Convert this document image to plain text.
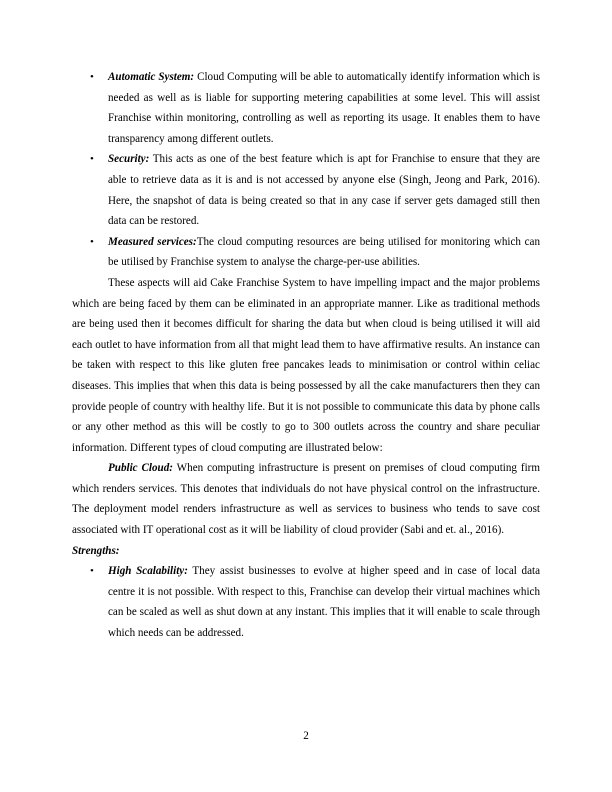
• Automatic System: Cloud Computing will be able to automatically identify information which is needed as well as is liable for supporting metering capabilities at some level. This will assist Franchise within monitoring, controlling as well as reporting its usage. It enables them to have transparency among different outlets.
• Security: This acts as one of the best feature which is apt for Franchise to ensure that they are able to retrieve data as it is and is not accessed by anyone else (Singh, Jeong and Park, 2016). Here, the snapshot of data is being created so that in any case if server gets damaged still then data can be restored.
• Measured services:The cloud computing resources are being utilised for monitoring which can be utilised by Franchise system to analyse the charge-per-use abilities.

These aspects will aid Cake Franchise System to have impelling impact and the major problems which are being faced by them can be eliminated in an appropriate manner. Like as traditional methods are being used then it becomes difficult for sharing the data but when cloud is being utilised it will aid each outlet to have information from all that might lead them to have affirmative results. An instance can be taken with respect to this like gluten free pancakes leads to minimisation or control within celiac diseases. This implies that when this data is being possessed by all the cake manufacturers then they can provide people of country with healthy life. But it is not possible to communicate this data by phone calls or any other method as this will be costly to go to 300 outlets across the country and share peculiar information. Different types of cloud computing are illustrated below:

Public Cloud: When computing infrastructure is present on premises of cloud computing firm which renders services. This denotes that individuals do not have physical control on the infrastructure. The deployment model renders infrastructure as well as services to business who tends to save cost associated with IT operational cost as it will be liability of cloud provider (Sabi and et. al., 2016).

Strengths:

• High Scalability: They assist businesses to evolve at higher speed and in case of local data centre it is not possible. With respect to this, Franchise can develop their virtual machines which can be scaled as well as shut down at any instant. This implies that it will enable to scale through which needs can be addressed.
2
